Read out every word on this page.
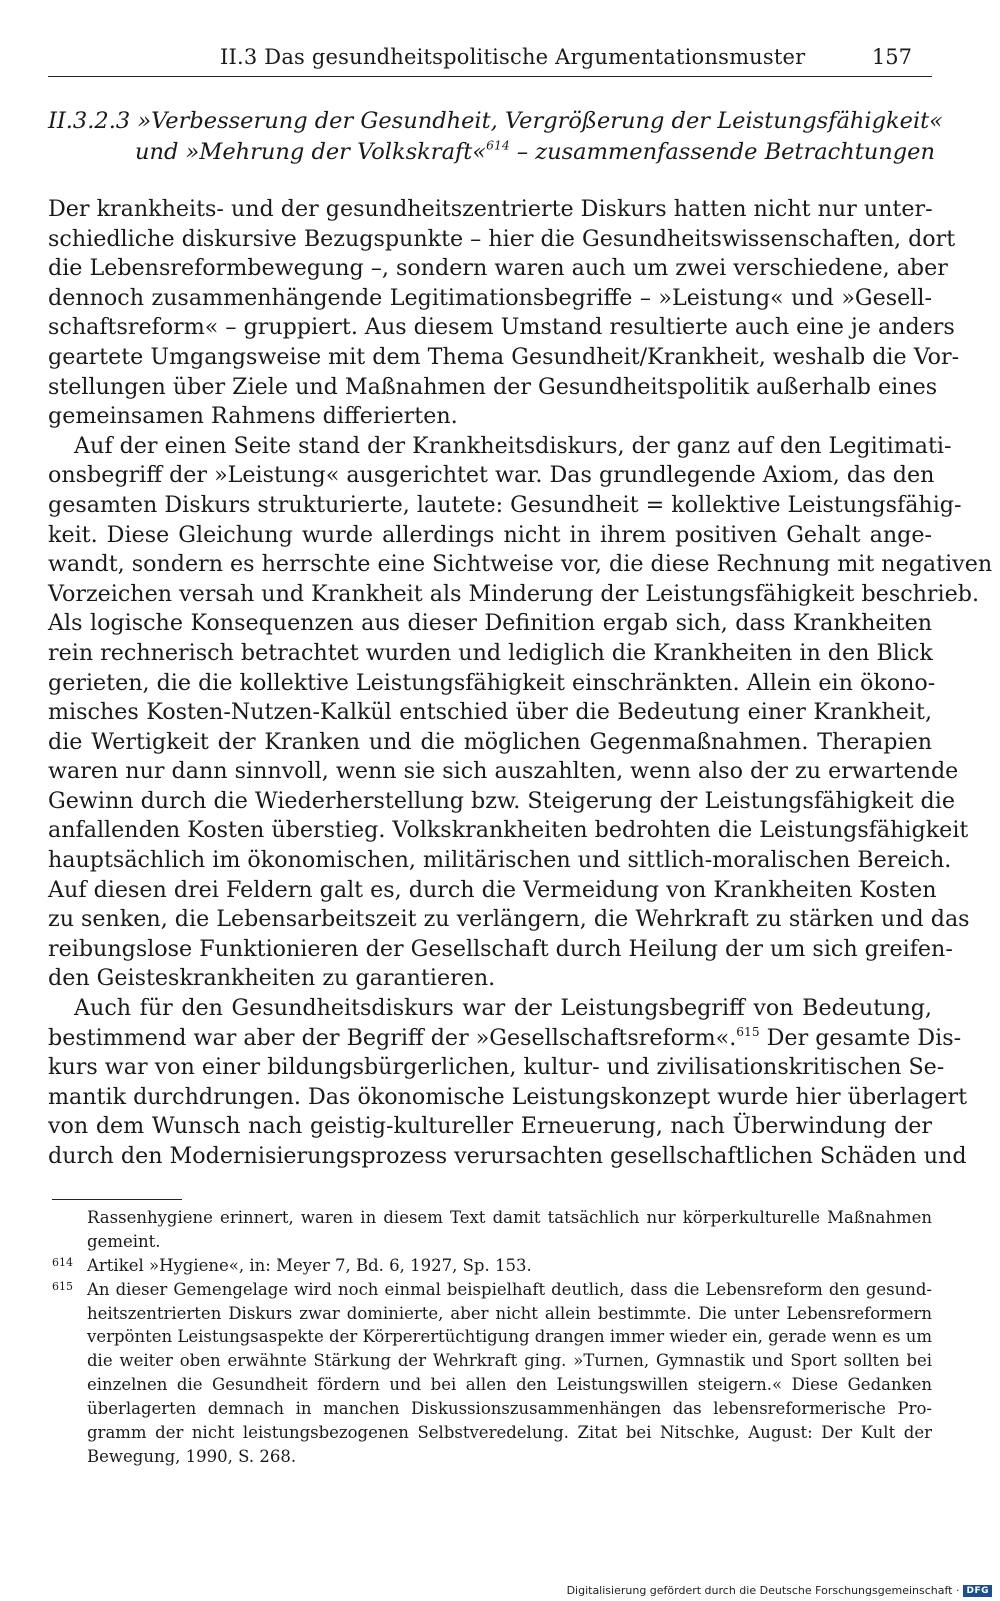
II.3 Das gesundheitspolitische Argumentationsmuster	157
II.3.2.3 »Verbesserung der Gesundheit, Vergrößerung der Leistungsfähigkeit«
und »Mehrung der Volkskraft«$^{614}$ – zusammenfassende Betrachtungen
Der krankheits- und der gesundheitszentrierte Diskurs hatten nicht nur unter-
schiedliche diskursive Bezugspunkte – hier die Gesundheitswissenschaften, dort
die Lebensreformbewegung –, sondern waren auch um zwei verschiedene, aber
dennoch zusammenhängende Legitimationsbegriffe – »Leistung« und »Gesell-
schaftsreform« – gruppiert. Aus diesem Umstand resultierte auch eine je anders
geartete Umgangsweise mit dem Thema Gesundheit/Krankheit, weshalb die Vor-
stellungen über Ziele und Maßnahmen der Gesundheitspolitik außerhalb eines
gemeinsamen Rahmens differierten.
Auf der einen Seite stand der Krankheitsdiskurs, der ganz auf den Legitimati-
onsbegriff der »Leistung« ausgerichtet war. Das grundlegende Axiom, das den
gesamten Diskurs strukturierte, lautete: Gesundheit = kollektive Leistungsfähig-
keit. Diese Gleichung wurde allerdings nicht in ihrem positiven Gehalt ange-
wandt, sondern es herrschte eine Sichtweise vor, die diese Rechnung mit negativen
Vorzeichen versah und Krankheit als Minderung der Leistungsfähigkeit beschrieb.
Als logische Konsequenzen aus dieser Definition ergab sich, dass Krankheiten
rein rechnerisch betrachtet wurden und lediglich die Krankheiten in den Blick
gerieten, die die kollektive Leistungsfähigkeit einschränkten. Allein ein ökono-
misches Kosten-Nutzen-Kalkül entschied über die Bedeutung einer Krankheit,
die Wertigkeit der Kranken und die möglichen Gegenmaßnahmen. Therapien
waren nur dann sinnvoll, wenn sie sich auszahlten, wenn also der zu erwartende
Gewinn durch die Wiederherstellung bzw. Steigerung der Leistungsfähigkeit die
anfallenden Kosten überstieg. Volkskrankheiten bedrohten die Leistungsfähigkeit
hauptsächlich im ökonomischen, militärischen und sittlich-moralischen Bereich.
Auf diesen drei Feldern galt es, durch die Vermeidung von Krankheiten Kosten
zu senken, die Lebensarbeitszeit zu verlängern, die Wehrkraft zu stärken und das
reibungslose Funktionieren der Gesellschaft durch Heilung der um sich greifen-
den Geisteskrankheiten zu garantieren.
Auch für den Gesundheitsdiskurs war der Leistungsbegriff von Bedeutung,
bestimmend war aber der Begriff der »Gesellschaftsreform«.$^{615}$ Der gesamte Dis-
kurs war von einer bildungsbürgerlichen, kultur- und zivilisationskritischen Se-
mantik durchdrungen. Das ökonomische Leistungskonzept wurde hier überlagert
von dem Wunsch nach geistig-kultureller Erneuerung, nach Überwindung der
durch den Modernisierungsprozess verursachten gesellschaftlichen Schäden und
Rassenhygiene erinnert, waren in diesem Text damit tatsächlich nur körperkulturelle Maßnahmen
gemeint.
614 Artikel »Hygiene«, in: Meyer 7, Bd. 6, 1927, Sp. 153.
615 An dieser Gemengelage wird noch einmal beispielhaft deutlich, dass die Lebensreform den gesund-
heitszentrierten Diskurs zwar dominierte, aber nicht allein bestimmte. Die unter Lebensreformern
verpönten Leistungsaspekte der Körperertüchtigung drangen immer wieder ein, gerade wenn es um
die weiter oben erwähnte Stärkung der Wehrkraft ging. »Turnen, Gymnastik und Sport sollten bei
einzelnen die Gesundheit fördern und bei allen den Leistungswillen steigern.« Diese Gedanken
überlagerten demnach in manchen Diskussionszusammenhängen das lebensreformerische Pro-
gramm der nicht leistungsbezogenen Selbstveredelung. Zitat bei Nitschke, August: Der Kult der
Bewegung, 1990, S. 268.
Digitalisierung gefördert durch die Deutsche Forschungsgemeinschaft · DFG
